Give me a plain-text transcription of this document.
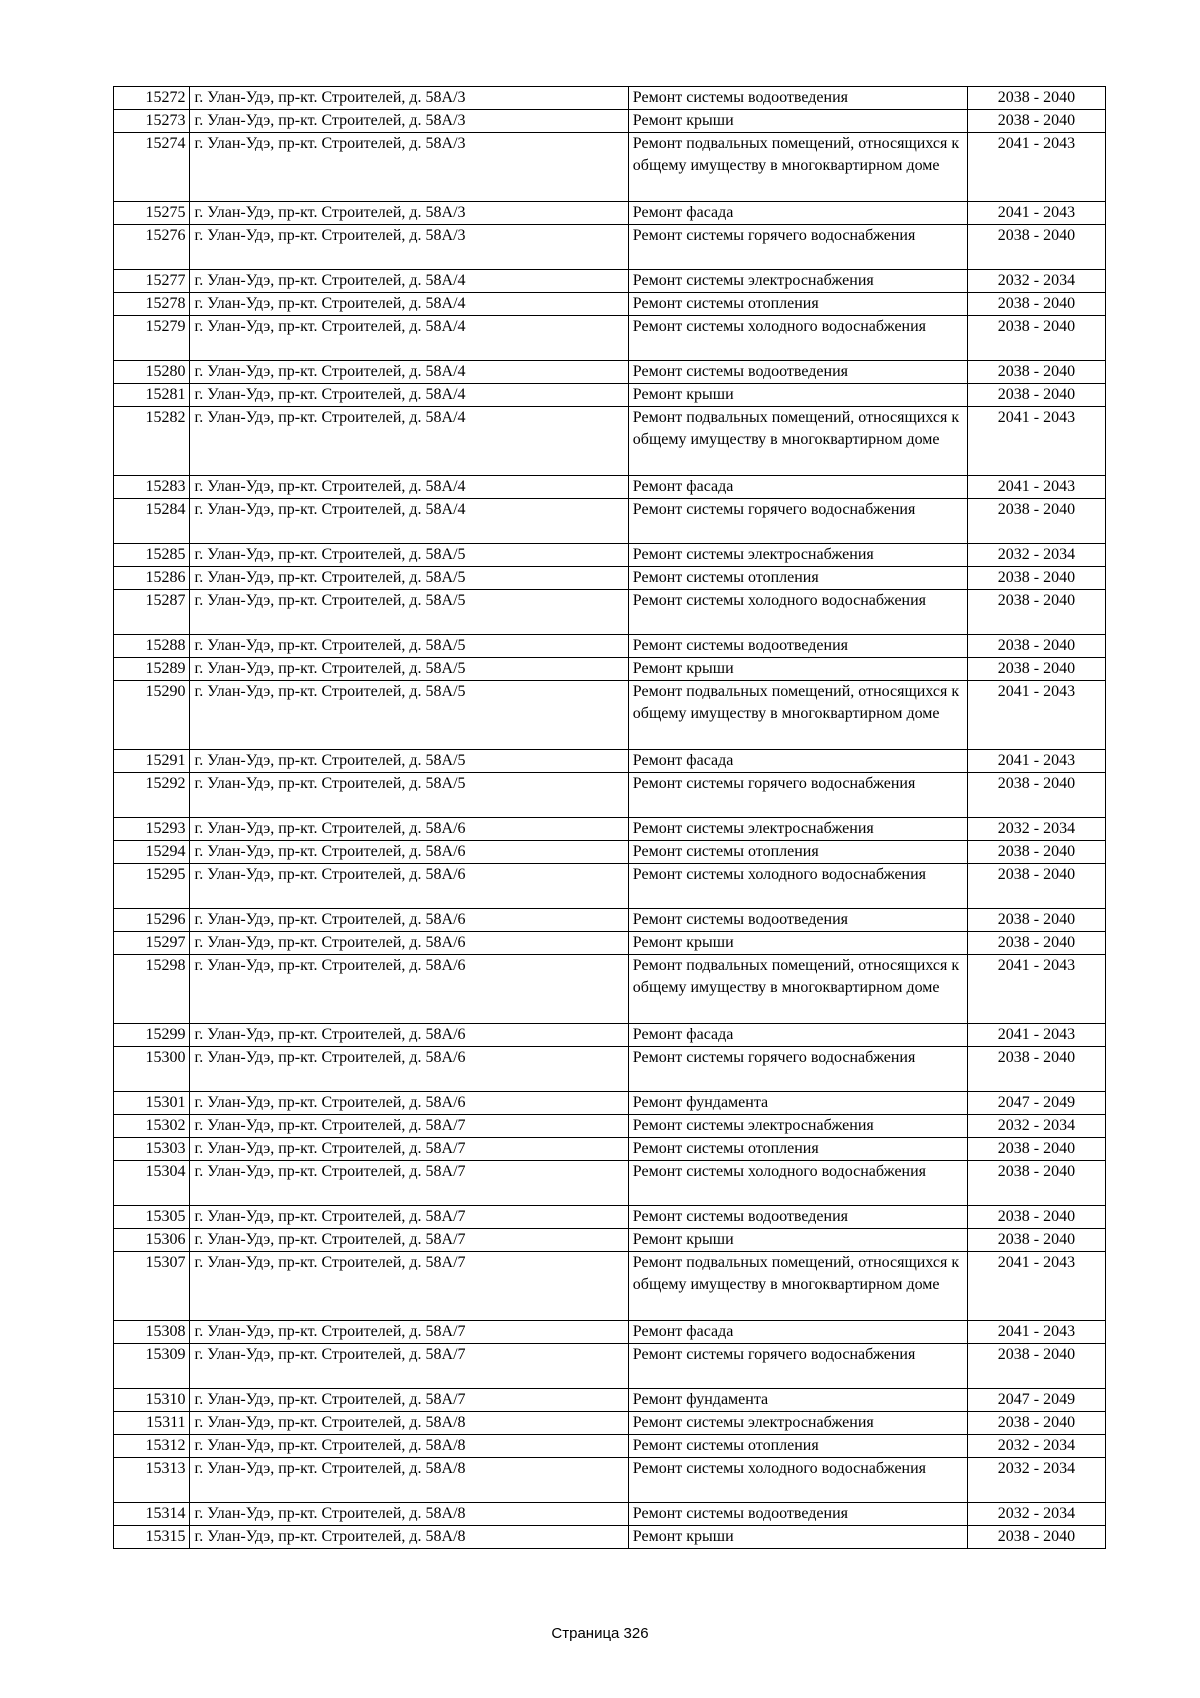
15272	г. Улан-Удэ, пр-кт. Строителей, д. 58А/3	Ремонт системы водоотведения	2038 - 2040
15273	г. Улан-Удэ, пр-кт. Строителей, д. 58А/3	Ремонт крыши	2038 - 2040
15274	г. Улан-Удэ, пр-кт. Строителей, д. 58А/3	Ремонт подвальных помещений, относящихся к общему имуществу в многоквартирном доме	2041 - 2043
15275	г. Улан-Удэ, пр-кт. Строителей, д. 58А/3	Ремонт фасада	2041 - 2043
15276	г. Улан-Удэ, пр-кт. Строителей, д. 58А/3	Ремонт системы горячего водоснабжения	2038 - 2040
15277	г. Улан-Удэ, пр-кт. Строителей, д. 58А/4	Ремонт системы электроснабжения	2032 - 2034
15278	г. Улан-Удэ, пр-кт. Строителей, д. 58А/4	Ремонт системы отопления	2038 - 2040
15279	г. Улан-Удэ, пр-кт. Строителей, д. 58А/4	Ремонт системы холодного водоснабжения	2038 - 2040
15280	г. Улан-Удэ, пр-кт. Строителей, д. 58А/4	Ремонт системы водоотведения	2038 - 2040
15281	г. Улан-Удэ, пр-кт. Строителей, д. 58А/4	Ремонт крыши	2038 - 2040
15282	г. Улан-Удэ, пр-кт. Строителей, д. 58А/4	Ремонт подвальных помещений, относящихся к общему имуществу в многоквартирном доме	2041 - 2043
15283	г. Улан-Удэ, пр-кт. Строителей, д. 58А/4	Ремонт фасада	2041 - 2043
15284	г. Улан-Удэ, пр-кт. Строителей, д. 58А/4	Ремонт системы горячего водоснабжения	2038 - 2040
15285	г. Улан-Удэ, пр-кт. Строителей, д. 58А/5	Ремонт системы электроснабжения	2032 - 2034
15286	г. Улан-Удэ, пр-кт. Строителей, д. 58А/5	Ремонт системы отопления	2038 - 2040
15287	г. Улан-Удэ, пр-кт. Строителей, д. 58А/5	Ремонт системы холодного водоснабжения	2038 - 2040
15288	г. Улан-Удэ, пр-кт. Строителей, д. 58А/5	Ремонт системы водоотведения	2038 - 2040
15289	г. Улан-Удэ, пр-кт. Строителей, д. 58А/5	Ремонт крыши	2038 - 2040
15290	г. Улан-Удэ, пр-кт. Строителей, д. 58А/5	Ремонт подвальных помещений, относящихся к общему имуществу в многоквартирном доме	2041 - 2043
15291	г. Улан-Удэ, пр-кт. Строителей, д. 58А/5	Ремонт фасада	2041 - 2043
15292	г. Улан-Удэ, пр-кт. Строителей, д. 58А/5	Ремонт системы горячего водоснабжения	2038 - 2040
15293	г. Улан-Удэ, пр-кт. Строителей, д. 58А/6	Ремонт системы электроснабжения	2032 - 2034
15294	г. Улан-Удэ, пр-кт. Строителей, д. 58А/6	Ремонт системы отопления	2038 - 2040
15295	г. Улан-Удэ, пр-кт. Строителей, д. 58А/6	Ремонт системы холодного водоснабжения	2038 - 2040
15296	г. Улан-Удэ, пр-кт. Строителей, д. 58А/6	Ремонт системы водоотведения	2038 - 2040
15297	г. Улан-Удэ, пр-кт. Строителей, д. 58А/6	Ремонт крыши	2038 - 2040
15298	г. Улан-Удэ, пр-кт. Строителей, д. 58А/6	Ремонт подвальных помещений, относящихся к общему имуществу в многоквартирном доме	2041 - 2043
15299	г. Улан-Удэ, пр-кт. Строителей, д. 58А/6	Ремонт фасада	2041 - 2043
15300	г. Улан-Удэ, пр-кт. Строителей, д. 58А/6	Ремонт системы горячего водоснабжения	2038 - 2040
15301	г. Улан-Удэ, пр-кт. Строителей, д. 58А/6	Ремонт фундамента	2047 - 2049
15302	г. Улан-Удэ, пр-кт. Строителей, д. 58А/7	Ремонт системы электроснабжения	2032 - 2034
15303	г. Улан-Удэ, пр-кт. Строителей, д. 58А/7	Ремонт системы отопления	2038 - 2040
15304	г. Улан-Удэ, пр-кт. Строителей, д. 58А/7	Ремонт системы холодного водоснабжения	2038 - 2040
15305	г. Улан-Удэ, пр-кт. Строителей, д. 58А/7	Ремонт системы водоотведения	2038 - 2040
15306	г. Улан-Удэ, пр-кт. Строителей, д. 58А/7	Ремонт крыши	2038 - 2040
15307	г. Улан-Удэ, пр-кт. Строителей, д. 58А/7	Ремонт подвальных помещений, относящихся к общему имуществу в многоквартирном доме	2041 - 2043
15308	г. Улан-Удэ, пр-кт. Строителей, д. 58А/7	Ремонт фасада	2041 - 2043
15309	г. Улан-Удэ, пр-кт. Строителей, д. 58А/7	Ремонт системы горячего водоснабжения	2038 - 2040
15310	г. Улан-Удэ, пр-кт. Строителей, д. 58А/7	Ремонт фундамента	2047 - 2049
15311	г. Улан-Удэ, пр-кт. Строителей, д. 58А/8	Ремонт системы электроснабжения	2038 - 2040
15312	г. Улан-Удэ, пр-кт. Строителей, д. 58А/8	Ремонт системы отопления	2032 - 2034
15313	г. Улан-Удэ, пр-кт. Строителей, д. 58А/8	Ремонт системы холодного водоснабжения	2032 - 2034
15314	г. Улан-Удэ, пр-кт. Строителей, д. 58А/8	Ремонт системы водоотведения	2032 - 2034
15315	г. Улан-Удэ, пр-кт. Строителей, д. 58А/8	Ремонт крыши	2038 - 2040
Страница 326
